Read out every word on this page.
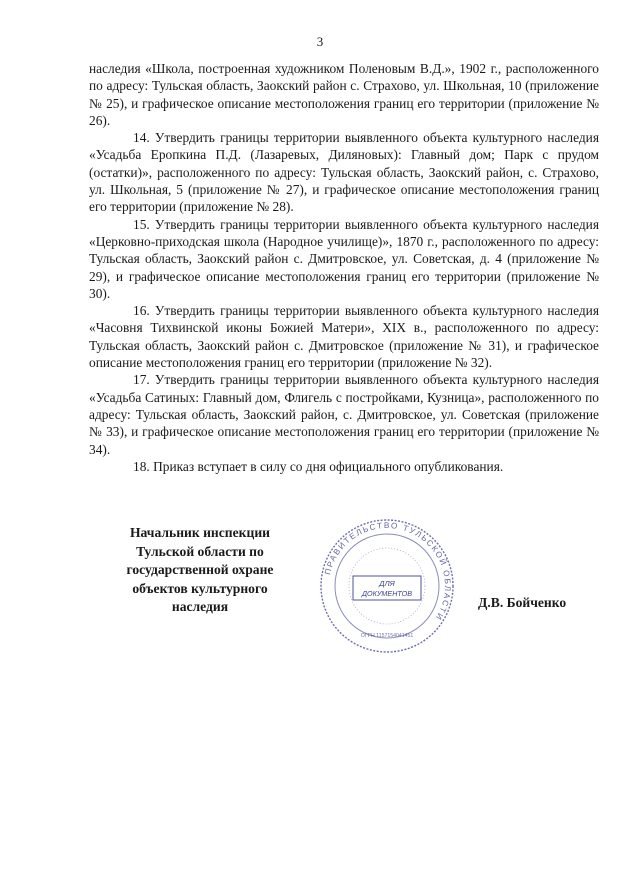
3

наследия «Школа, построенная художником Поленовым В.Д.», 1902 г., расположенного по адресу: Тульская область, Заокский район с. Страхово, ул. Школьная, 10 (приложение № 25), и графическое описание местоположения границ его территории (приложение № 26).

14. Утвердить границы территории выявленного объекта культурного наследия «Усадьба Еропкина П.Д. (Лазаревых, Диляновых): Главный дом; Парк с прудом (остатки)», расположенного по адресу: Тульская область, Заокский район, с. Страхово, ул. Школьная, 5 (приложение № 27), и графическое описание местоположения границ его территории (приложение № 28).

15. Утвердить границы территории выявленного объекта культурного наследия «Церковно-приходская школа (Народное училище)», 1870 г., расположенного по адресу: Тульская область, Заокский район с. Дмитровское, ул. Советская, д. 4 (приложение № 29), и графическое описание местоположения границ его территории (приложение № 30).

16. Утвердить границы территории выявленного объекта культурного наследия «Часовня Тихвинской иконы Божией Матери», XIX в., расположенного по адресу: Тульская область, Заокский район с. Дмитровское (приложение № 31), и графическое описание местоположения границ его территории (приложение № 32).

17. Утвердить границы территории выявленного объекта культурного наследия «Усадьба Сатиных: Главный дом, Флигель с постройками, Кузница», расположенного по адресу: Тульская область, Заокский район, с. Дмитровское, ул. Советская (приложение № 33), и графическое описание местоположения границ его территории (приложение № 34).

18. Приказ вступает в силу со дня официального опубликования.

Начальник инспекции
Тульской области по
государственной охране
объектов культурного
наследия
ПРАВИТЕЛЬСТВО ТУЛЬСКОЙ ОБЛАСТИ
ДЛЯ
ДОКУМЕНТОВ
ОГРН 1157154041451
Д.В. Бойченко
